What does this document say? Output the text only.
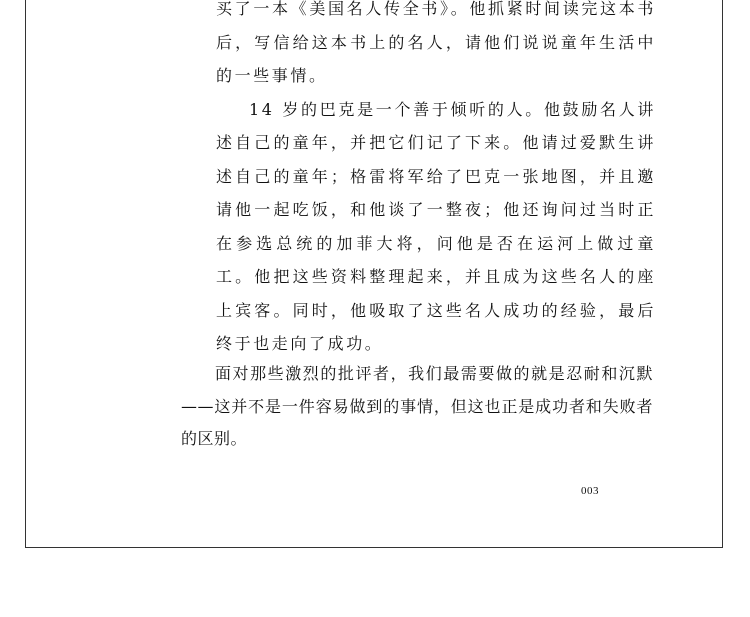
买了一本《美国名人传全书》。他抓紧时间读完这本书后，写信给这本书上的名人，请他们说说童年生活中的一些事情。

14 岁的巴克是一个善于倾听的人。他鼓励名人讲述自己的童年，并把它们记了下来。他请过爱默生讲述自己的童年；格雷将军给了巴克一张地图，并且邀请他一起吃饭，和他谈了一整夜；他还询问过当时正在参选总统的加菲大将，问他是否在运河上做过童工。他把这些资料整理起来，并且成为这些名人的座上宾客。同时，他吸取了这些名人成功的经验，最后终于也走向了成功。

面对那些激烈的批评者，我们最需要做的就是忍耐和沉默——这并不是一件容易做到的事情，但这也正是成功者和失败者的区别。

003
